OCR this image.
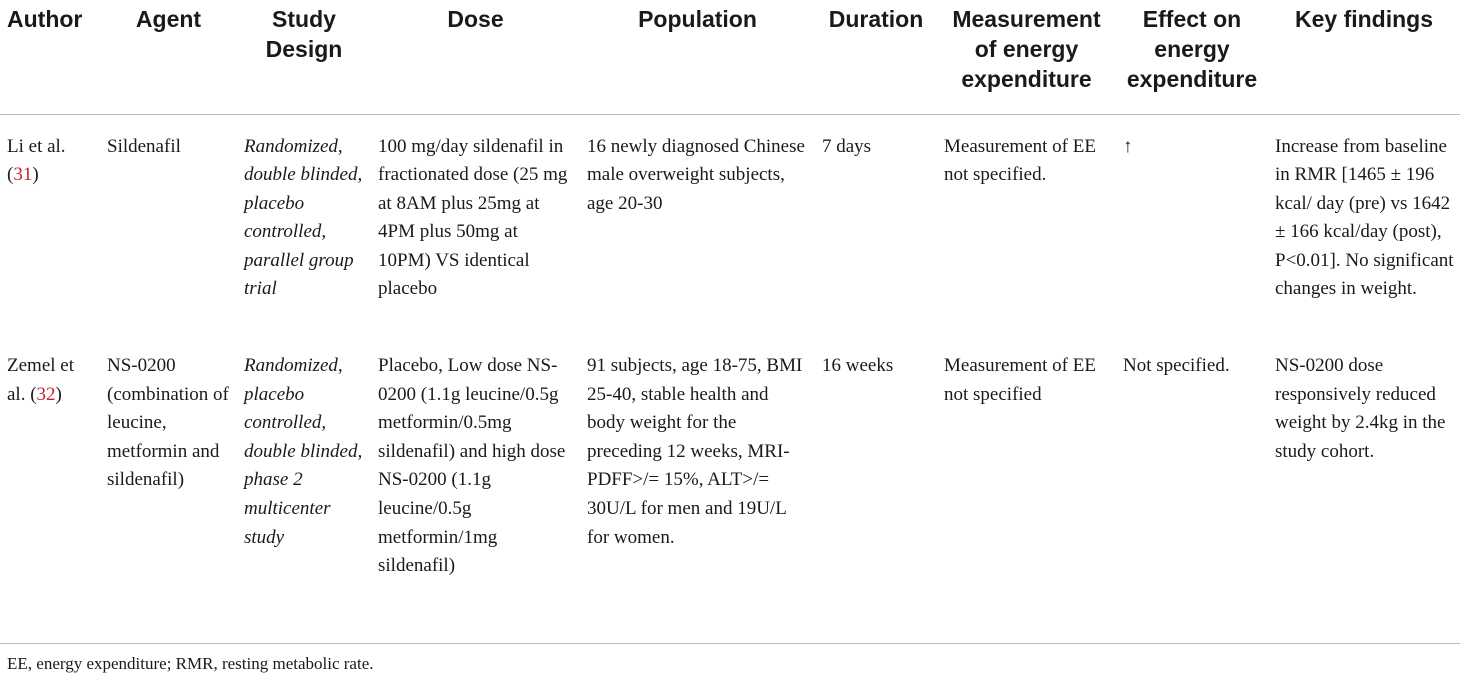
Author	Agent	Study Design	Dose	Population	Duration	Measurement of energy expenditure	Effect on energy expenditure	Key findings
Li et al. (31)	Sildenafil	Randomized, double blinded, placebo controlled, parallel group trial	100 mg/day sildenafil in fractionated dose (25 mg at 8AM plus 25mg at 4PM plus 50mg at 10PM) VS identical placebo	16 newly diagnosed Chinese male overweight subjects, age 20-30	7 days	Measurement of EE not specified.	↑	Increase from baseline in RMR [1465 ± 196 kcal/ day (pre) vs 1642 ± 166 kcal/day (post), P<0.01]. No significant changes in weight.
Zemel et al. (32)	NS-0200 (combination of leucine, metformin and sildenafil)	Randomized, placebo controlled, double blinded, phase 2 multicenter study	Placebo, Low dose NS-0200 (1.1g leucine/0.5g metformin/0.5mg sildenafil) and high dose NS-0200 (1.1g leucine/0.5g metformin/1mg sildenafil)	91 subjects, age 18-75, BMI 25-40, stable health and body weight for the preceding 12 weeks, MRI-PDFF>/= 15%, ALT>/= 30U/L for men and 19U/L for women.	16 weeks	Measurement of EE not specified	Not specified.	NS-0200 dose responsively reduced weight by 2.4kg in the study cohort.
EE, energy expenditure; RMR, resting metabolic rate.
